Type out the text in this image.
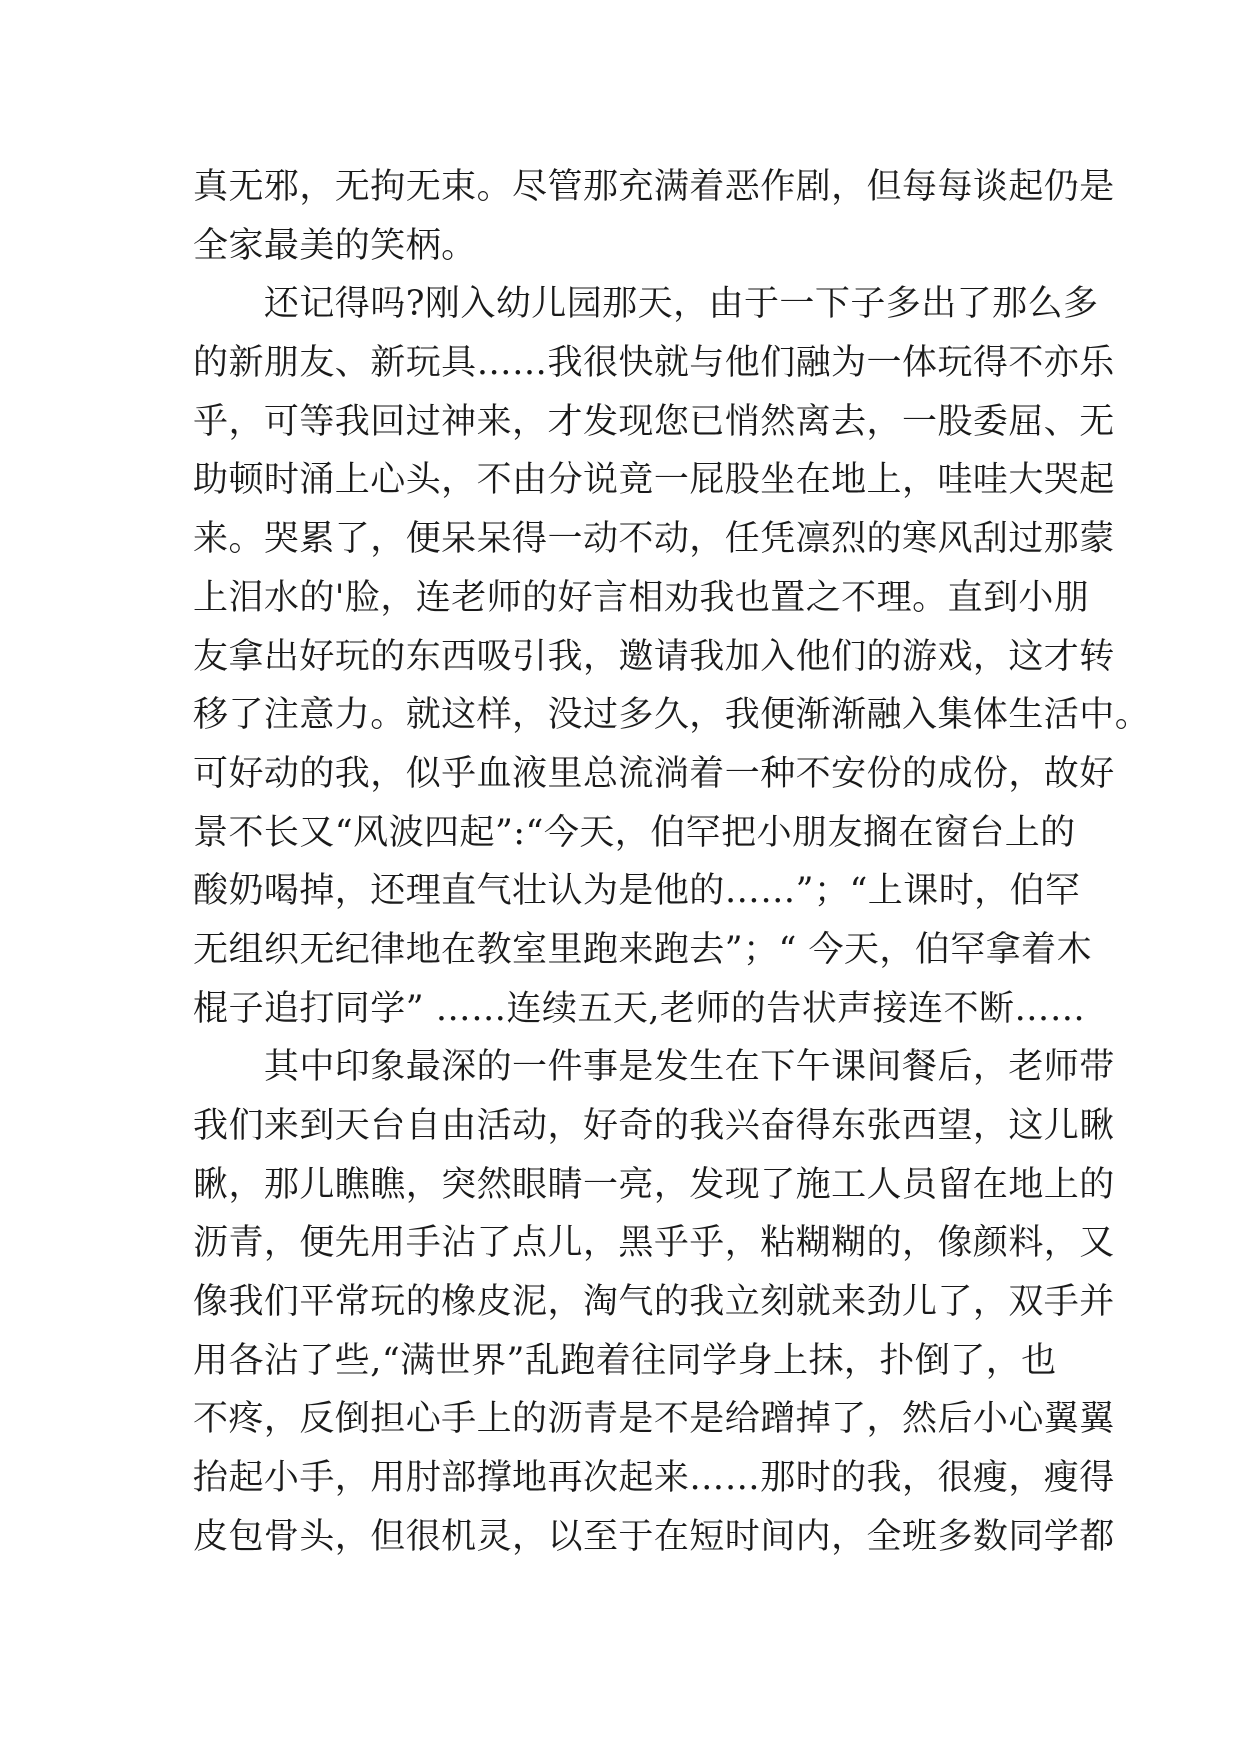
真无邪，无拘无束。尽管那充满着恶作剧，但每每谈起仍是
全家最美的笑柄。
　　还记得吗?刚入幼儿园那天，由于一下子多出了那么多
的新朋友、新玩具……我很快就与他们融为一体玩得不亦乐
乎，可等我回过神来，才发现您已悄然离去，一股委屈、无
助顿时涌上心头，不由分说竟一屁股坐在地上，哇哇大哭起
来。哭累了，便呆呆得一动不动，任凭凛烈的寒风刮过那蒙
上泪水的'脸，连老师的好言相劝我也置之不理。直到小朋
友拿出好玩的东西吸引我，邀请我加入他们的游戏，这才转
移了注意力。就这样，没过多久，我便渐渐融入集体生活中。
可好动的我，似乎血液里总流淌着一种不安份的成份，故好
景不长又“风波四起”:“今天，伯罕把小朋友搁在窗台上的
酸奶喝掉，还理直气壮认为是他的……”；“上课时，伯罕
无组织无纪律地在教室里跑来跑去”；“ 今天，伯罕拿着木
棍子追打同学” ……连续五天,老师的告状声接连不断……
　　其中印象最深的一件事是发生在下午课间餐后，老师带
我们来到天台自由活动，好奇的我兴奋得东张西望，这儿瞅
瞅，那儿瞧瞧，突然眼睛一亮，发现了施工人员留在地上的
沥青，便先用手沾了点儿，黑乎乎，粘糊糊的，像颜料，又
像我们平常玩的橡皮泥，淘气的我立刻就来劲儿了，双手并
用各沾了些,“满世界”乱跑着往同学身上抹，扑倒了，也
不疼，反倒担心手上的沥青是不是给蹭掉了，然后小心翼翼
抬起小手，用肘部撑地再次起来……那时的我，很瘦，瘦得
皮包骨头，但很机灵，以至于在短时间内，全班多数同学都
